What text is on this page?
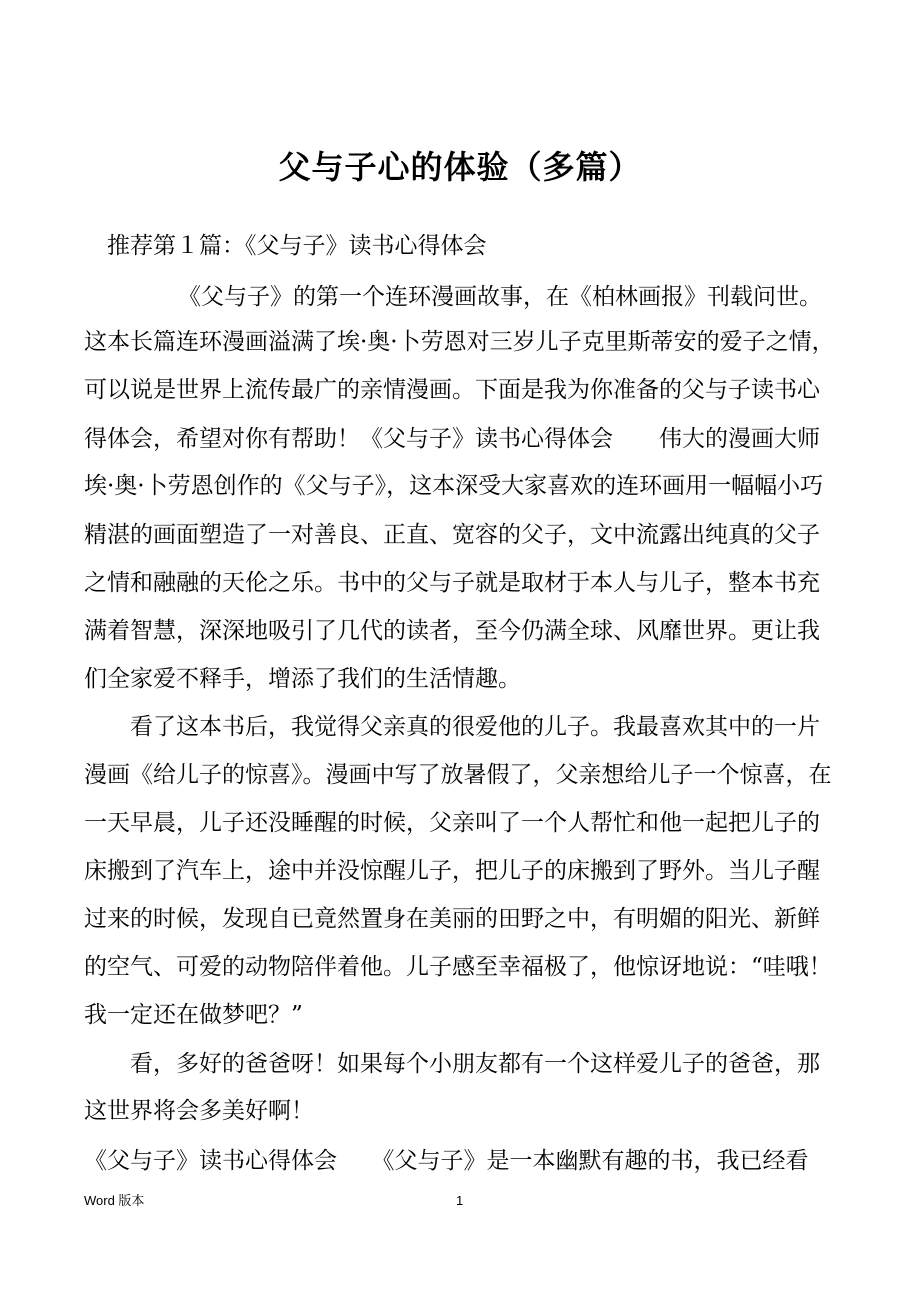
父与子心的体验（多篇）
推荐第１篇：《父与子》读书心得体会
《父与子》的第一个连环漫画故事，在《柏林画报》刊载问世。
这本长篇连环漫画溢满了埃·奥·卜劳恩对三岁儿子克里斯蒂安的爱子之情，
可以说是世界上流传最广的亲情漫画。下面是我为你准备的父与子读书心
得体会，希望对你有帮助！《父与子》读书心得体会　　伟大的漫画大师
埃·奥·卜劳恩创作的《父与子》，这本深受大家喜欢的连环画用一幅幅小巧
精湛的画面塑造了一对善良、正直、宽容的父子，文中流露出纯真的父子
之情和融融的天伦之乐。书中的父与子就是取材于本人与儿子，整本书充
满着智慧，深深地吸引了几代的读者，至今仍满全球、风靡世界。更让我
们全家爱不释手，增添了我们的生活情趣。
看了这本书后，我觉得父亲真的很爱他的儿子。我最喜欢其中的一片
漫画《给儿子的惊喜》。漫画中写了放暑假了，父亲想给儿子一个惊喜，在
一天早晨，儿子还没睡醒的时候，父亲叫了一个人帮忙和他一起把儿子的
床搬到了汽车上，途中并没惊醒儿子，把儿子的床搬到了野外。当儿子醒
过来的时候，发现自已竟然置身在美丽的田野之中，有明媚的阳光、新鲜
的空气、可爱的动物陪伴着他。儿子感至幸福极了，他惊讶地说：“哇哦！
我一定还在做梦吧？”
看，多好的爸爸呀！如果每个小朋友都有一个这样爱儿子的爸爸，那
这世界将会多美好啊！
《父与子》读书心得体会　　《父与子》是一本幽默有趣的书，我已经看
Word 版本	1
